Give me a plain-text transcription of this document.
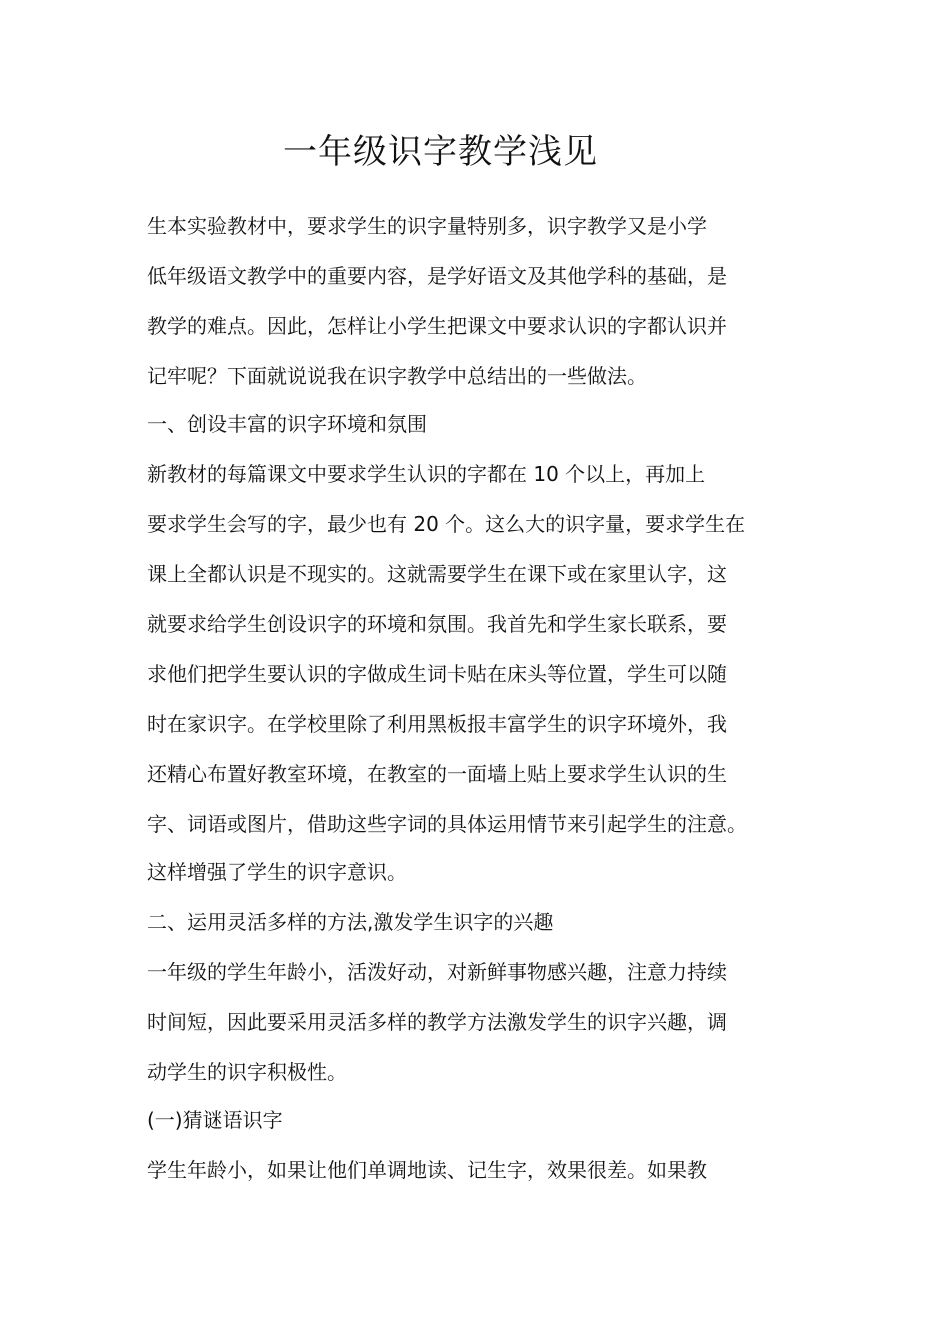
一年级识字教学浅见
生本实验教材中，要求学生的识字量特别多，识字教学又是小学
低年级语文教学中的重要内容，是学好语文及其他学科的基础，是
教学的难点。因此，怎样让小学生把课文中要求认识的字都认识并
记牢呢？下面就说说我在识字教学中总结出的一些做法。
一、创设丰富的识字环境和氛围
新教材的每篇课文中要求学生认识的字都在 10 个以上，再加上
要求学生会写的字，最少也有 20 个。这么大的识字量，要求学生在
课上全都认识是不现实的。这就需要学生在课下或在家里认字，这
就要求给学生创设识字的环境和氛围。我首先和学生家长联系，要
求他们把学生要认识的字做成生词卡贴在床头等位置，学生可以随
时在家识字。在学校里除了利用黑板报丰富学生的识字环境外，我
还精心布置好教室环境，在教室的一面墙上贴上要求学生认识的生
字、词语或图片，借助这些字词的具体运用情节来引起学生的注意。
这样增强了学生的识字意识。
二、运用灵活多样的方法,激发学生识字的兴趣
一年级的学生年龄小，活泼好动，对新鲜事物感兴趣，注意力持续
时间短，因此要采用灵活多样的教学方法激发学生的识字兴趣，调
动学生的识字积极性。
(一)猜谜语识字
学生年龄小，如果让他们单调地读、记生字，效果很差。如果教
